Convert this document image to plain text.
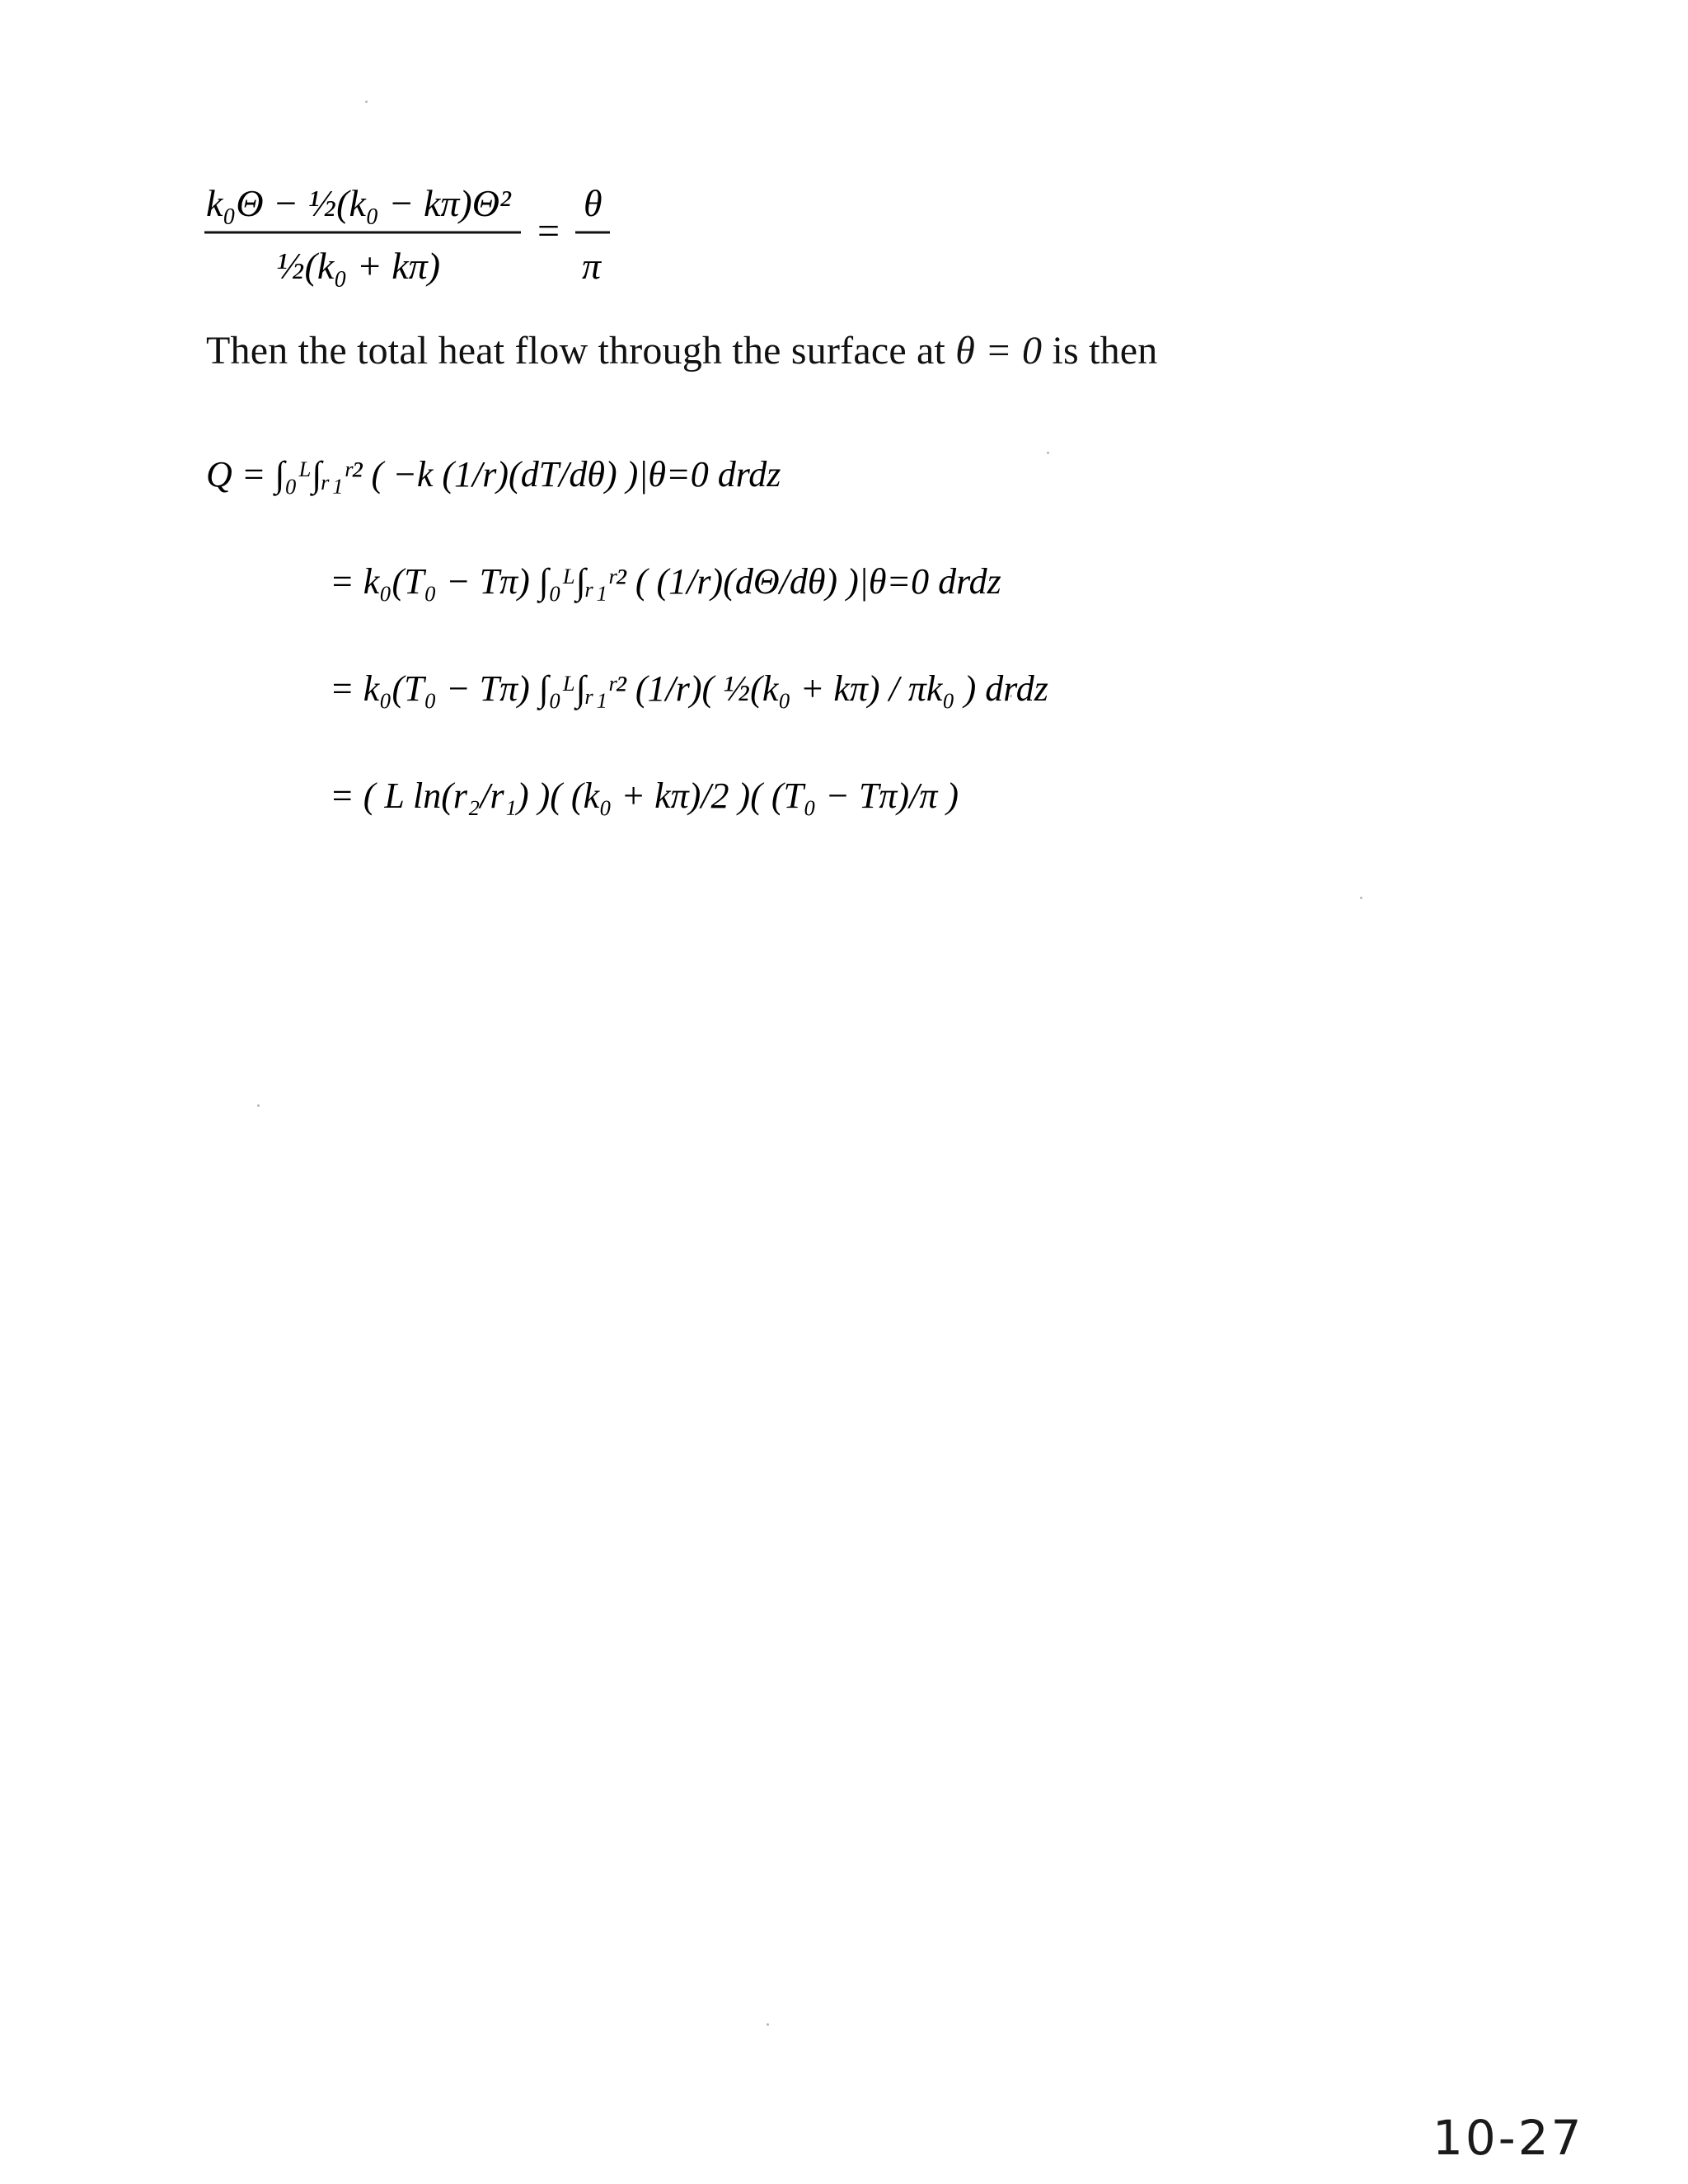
k₀Θ − ½(k₀ − kπ)Θ²
½(k₀ + kπ)
=
θ
π
Then the total heat flow through the surface at θ = 0 is then
Q = ∫₀ᴸ∫ᵣ₁ʳ² ( −k (1/r)(dT/dθ) )|θ=0 drdz
= k₀(T₀ − Tπ) ∫₀ᴸ∫ᵣ₁ʳ² ( (1/r)(dΘ/dθ) )|θ=0 drdz
= k₀(T₀ − Tπ) ∫₀ᴸ∫ᵣ₁ʳ² (1/r)( ½(k₀ + kπ) / πk₀ ) drdz
= ( L ln(r₂/r₁) )( (k₀ + kπ)/2 )( (T₀ − Tπ)/π )
10-27
